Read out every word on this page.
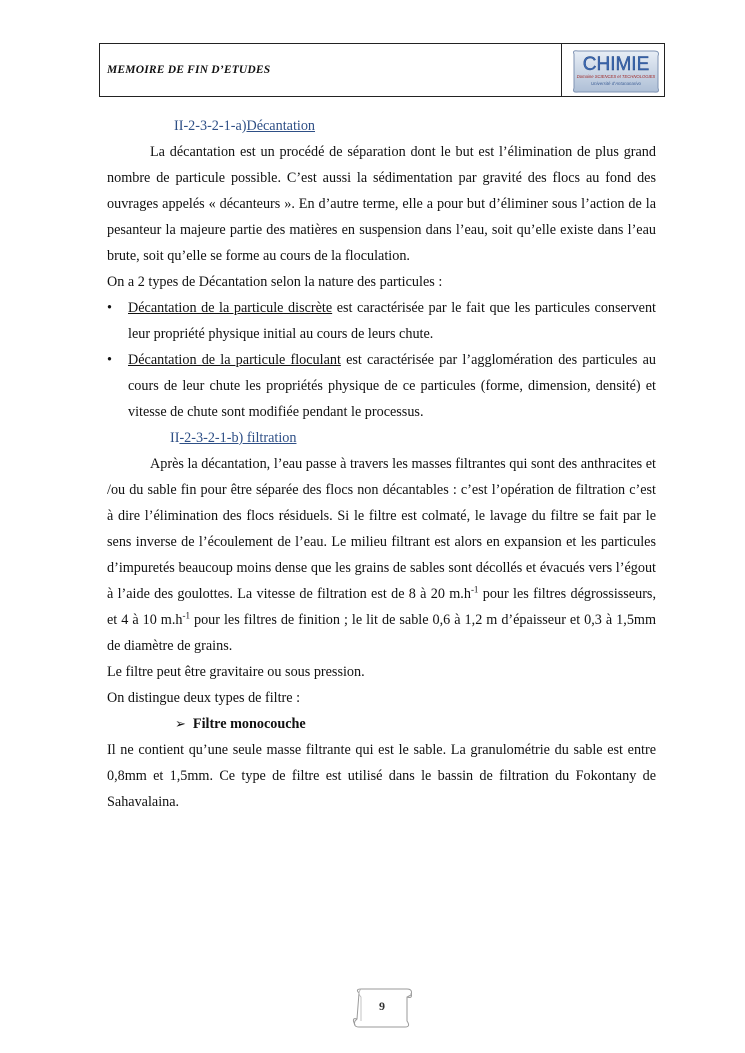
MEMOIRE DE FIN D’ETUDES	CHIMIE
Domaine SCIENCES et TECHNOLOGIES
Université d’Antananarivo

II-2-3-2-1-a)Décantation

La décantation est un procédé de séparation dont le but est l’élimination de plus grand nombre de particule possible. C’est aussi la sédimentation par gravité des flocs au fond des ouvrages appelés « décanteurs ». En d’autre terme, elle a pour but d’éliminer sous l’action de la pesanteur la majeure partie des matières en suspension dans l’eau, soit qu’elle existe dans l’eau brute, soit qu’elle se forme au cours de la floculation.

On a 2 types de Décantation selon la nature des particules :

• Décantation de la particule discrète est caractérisée par le fait que les particules conservent leur propriété physique initial au cours de leurs chute.
• Décantation de la particule floculant est caractérisée par l’agglomération des particules au cours de leur chute les propriétés physique de ce particules (forme, dimension, densité) et vitesse de chute sont modifiée pendant le processus.

II-2-3-2-1-b) filtration

Après la décantation, l’eau passe à travers les masses filtrantes qui sont des anthracites et /ou du sable fin pour être séparée des flocs non décantables : c’est l’opération de filtration c’est à dire l’élimination des flocs résiduels. Si le filtre est colmaté, le lavage du filtre se fait par le sens inverse de l’écoulement de l’eau. Le milieu filtrant est alors en expansion et les particules d’impuretés beaucoup moins dense que les grains de sables sont décollés et évacués vers l’égout à l’aide des goulottes. La vitesse de filtration est de 8 à 20 $m.h^{-1}$ pour les filtres dégrossisseurs, et 4 à 10 $m.h^{-1}$ pour les filtres de finition ; le lit de sable 0,6 à 1,2 m d’épaisseur et 0,3 à 1,5mm de diamètre de grains.

Le filtre peut être gravitaire ou sous pression.

On distingue deux types de filtre :

➢ Filtre monocouche

Il ne contient qu’une seule masse filtrante qui est le sable. La granulométrie du sable est entre 0,8mm et 1,5mm. Ce type de filtre est utilisé dans le bassin de filtration du Fokontany de Sahavalaina.

9
